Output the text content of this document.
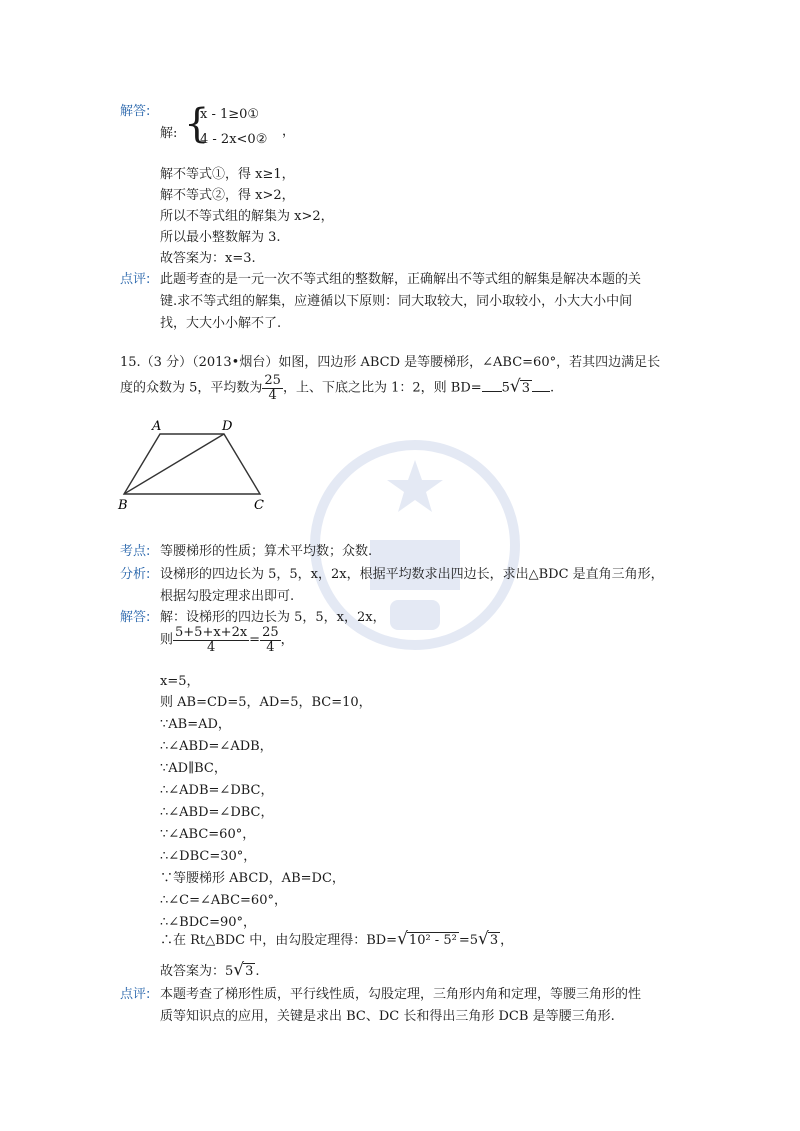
解答:
解: {
x - 1≥0①
4 - 2x<0②
，
解不等式①，得 x≥1，
解不等式②，得 x>2，
所以不等式组的解集为 x>2，
所以最小整数解为 3.
故答案为：x=3.
点评: 此题考查的是一元一次不等式组的整数解，正确解出不等式组的解集是解决本题的关
键.求不等式组的解集，应遵循以下原则：同大取较大，同小取较小，小大大小中间
找，大大小小解不了.
15.（3 分）（2013•烟台）如图，四边形 ABCD 是等腰梯形，∠ABC=60°，若其四边满足长
度的众数为 5，平均数为 $\frac{25}{4}$ ，上、下底之比为 1：2，则 BD= 5√3 .
A	D
B	C
考点: 等腰梯形的性质；算术平均数；众数.
分析: 设梯形的四边长为 5，5，x，2x，根据平均数求出四边长，求出△BDC 是直角三角形，
根据勾股定理求出即可.
解答: 解：设梯形的四边长为 5，5，x，2x，
则 $\frac{5+5+x+2x}{4} = \frac{25}{4}$ ，
x=5，
则 AB=CD=5，AD=5，BC=10，
∵AB=AD，
∴∠ABD=∠ADB，
∵AD∥BC，
∴∠ADB=∠DBC，
∴∠ABD=∠DBC，
∵∠ABC=60°，
∴∠DBC=30°，
∵等腰梯形 ABCD，AB=DC，
∴∠C=∠ABC=60°，
∴∠BDC=90°，
∴在 Rt△BDC 中，由勾股定理得：BD=√10² - 5² =5√3 ，
故答案为：5√3 .
点评: 本题考查了梯形性质，平行线性质，勾股定理，三角形内角和定理，等腰三角形的性
质等知识点的应用，关键是求出 BC、DC 长和得出三角形 DCB 是等腰三角形.
